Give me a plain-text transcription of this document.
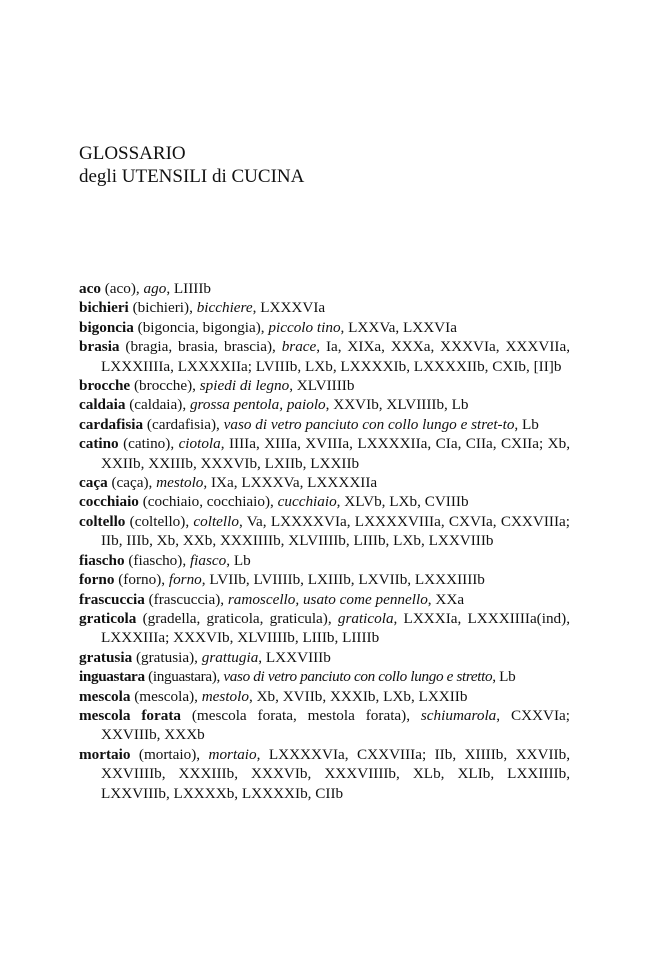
GLOSSARIO
degli UTENSILI di CUCINA

aco (aco), ago, LIIIIb

bichieri (bichieri), bicchiere, LXXXVIa

bigoncia (bigoncia, bigongia), piccolo tino, LXXVa, LXXVIa

brasia (bragia, brasia, brascia), brace, Ia, XIXa, XXXa, XXXVIa, XXXVIIa, LXXXIIIIa, LXXXXIIa; LVIIIb, LXb, LXXXXIb, LXXXXIIb, CXIb, [II]b

brocche (brocche), spiedi di legno, XLVIIIIb

caldaia (caldaia), grossa pentola, paiolo, XXVIb, XLVIIIIb, Lb

cardafisia (cardafisia), vaso di vetro panciuto con collo lungo e stret-to, Lb

catino (catino), ciotola, IIIIa, XIIIa, XVIIIa, LXXXXIIa, CIa, CIIa, CXIIa; Xb, XXIIb, XXIIIb, XXXVIb, LXIIb, LXXIIb

caça (caça), mestolo, IXa, LXXXVa, LXXXXIIa

cocchiaio (cochiaio, cocchiaio), cucchiaio, XLVb, LXb, CVIIIb

coltello (coltello), coltello, Va, LXXXXVIa, LXXXXVIIIa, CXVIa, CXXVIIIa; IIb, IIIb, Xb, XXb, XXXIIIIb, XLVIIIIb, LIIIb, LXb, LXXVIIIb

fiascho (fiascho), fiasco, Lb

forno (forno), forno, LVIIb, LVIIIIb, LXIIIb, LXVIIb, LXXXIIIIb

frascuccia (frascuccia), ramoscello, usato come pennello, XXa

graticola (gradella, graticola, graticula), graticola, LXXXIa, LXXXIIIIa(ind), LXXXIIIa; XXXVIb, XLVIIIIb, LIIIb, LIIIIb

gratusia (gratusia), grattugia, LXXVIIIb

inguastara (inguastara), vaso di vetro panciuto con collo lungo e stretto, Lb

mescola (mescola), mestolo, Xb, XVIIb, XXXIb, LXb, LXXIIb

mescola forata (mescola forata, mestola forata), schiumarola, CXXVIa; XXVIIIb, XXXb

mortaio (mortaio), mortaio, LXXXXVIa, CXXVIIIa; IIb, XIIIIb, XXVIIb, XXVIIIIb, XXXIIIb, XXXVIb, XXXVIIIIb, XLb, XLIb, LXXIIIIb, LXXVIIIb, LXXXXb, LXXXXIb, CIIb
